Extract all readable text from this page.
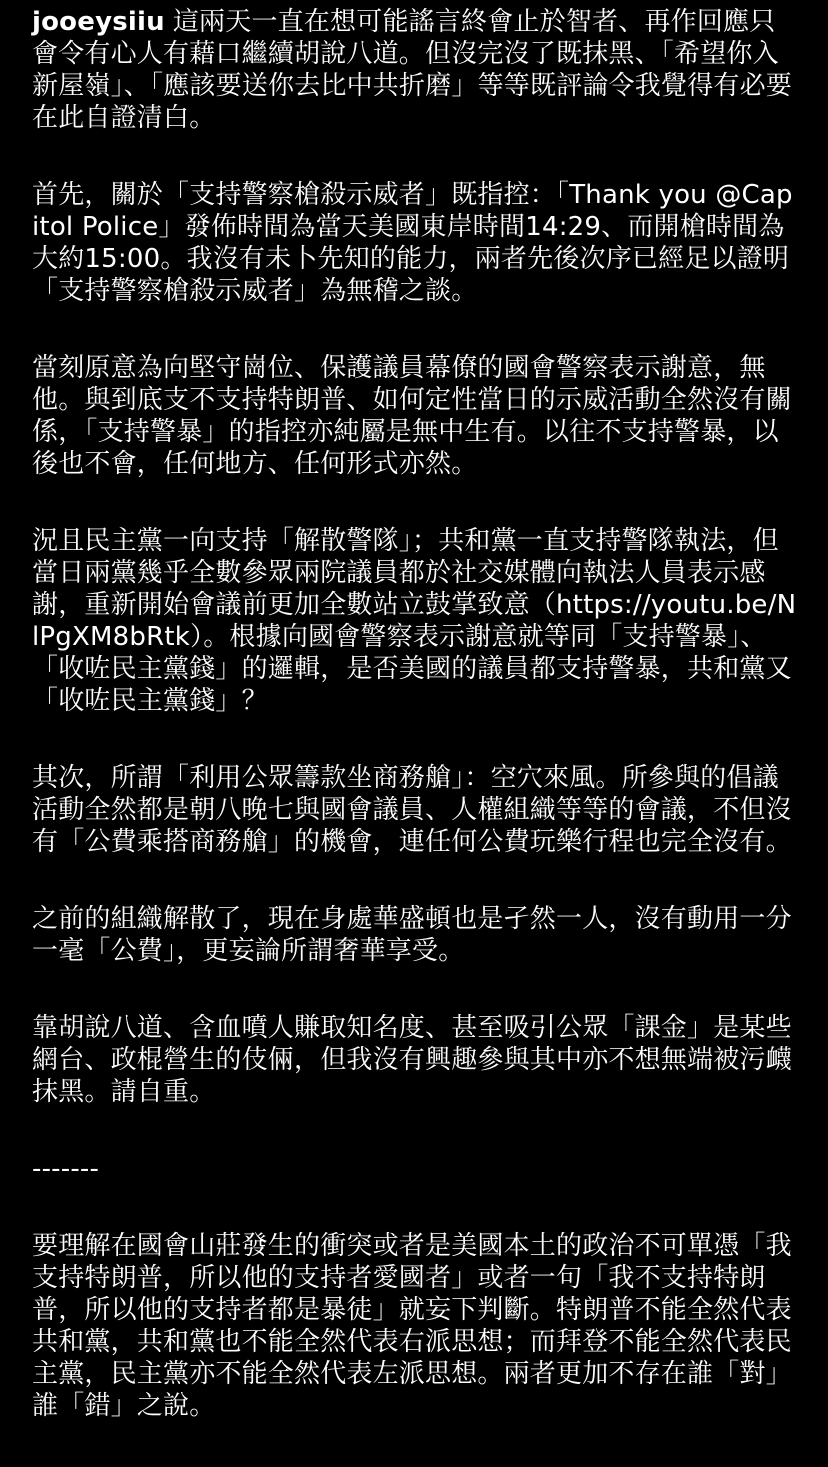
jooeysiiu 這兩天一直在想可能謠言終會止於智者、再作回應只會令有心人有藉口繼續胡說八道。但沒完沒了既抹黑、「希望你入新屋嶺」、「應該要送你去比中共折磨」等等既評論令我覺得有必要在此自證清白。

首先，關於「支持警察槍殺示威者」既指控：「Thank you @Capitol Police」發佈時間為當天美國東岸時間14:29、而開槍時間為大約15:00。我沒有未卜先知的能力，兩者先後次序已經足以證明「支持警察槍殺示威者」為無稽之談。

當刻原意為向堅守崗位、保護議員幕僚的國會警察表示謝意，無他。與到底支不支持特朗普、如何定性當日的示威活動全然沒有關係，「支持警暴」的指控亦純屬是無中生有。以往不支持警暴，以後也不會，任何地方、任何形式亦然。

況且民主黨一向支持「解散警隊」；共和黨一直支持警隊執法，但當日兩黨幾乎全數參眾兩院議員都於社交媒體向執法人員表示感謝，重新開始會議前更加全數站立鼓掌致意（https://youtu.be/NlPgXM8bRtk）。根據向國會警察表示謝意就等同「支持警暴」、「收咗民主黨錢」的邏輯，是否美國的議員都支持警暴，共和黨又「收咗民主黨錢」？

其次，所謂「利用公眾籌款坐商務艙」：空穴來風。所參與的倡議活動全然都是朝八晚七與國會議員、人權組織等等的會議，不但沒有「公費乘搭商務艙」的機會，連任何公費玩樂行程也完全沒有。

之前的組織解散了，現在身處華盛頓也是孑然一人，沒有動用一分一毫「公費」，更妄論所謂奢華享受。

靠胡說八道、含血噴人賺取知名度、甚至吸引公眾「課金」是某些網台、政棍營生的伎倆，但我沒有興趣參與其中亦不想無端被污衊抹黑。請自重。

-------

要理解在國會山莊發生的衝突或者是美國本土的政治不可單憑「我支持特朗普，所以他的支持者愛國者」或者一句「我不支持特朗普，所以他的支持者都是暴徒」就妄下判斷。特朗普不能全然代表共和黨，共和黨也不能全然代表右派思想；而拜登不能全然代表民主黨，民主黨亦不能全然代表左派思想。兩者更加不存在誰「對」誰「錯」之說。
